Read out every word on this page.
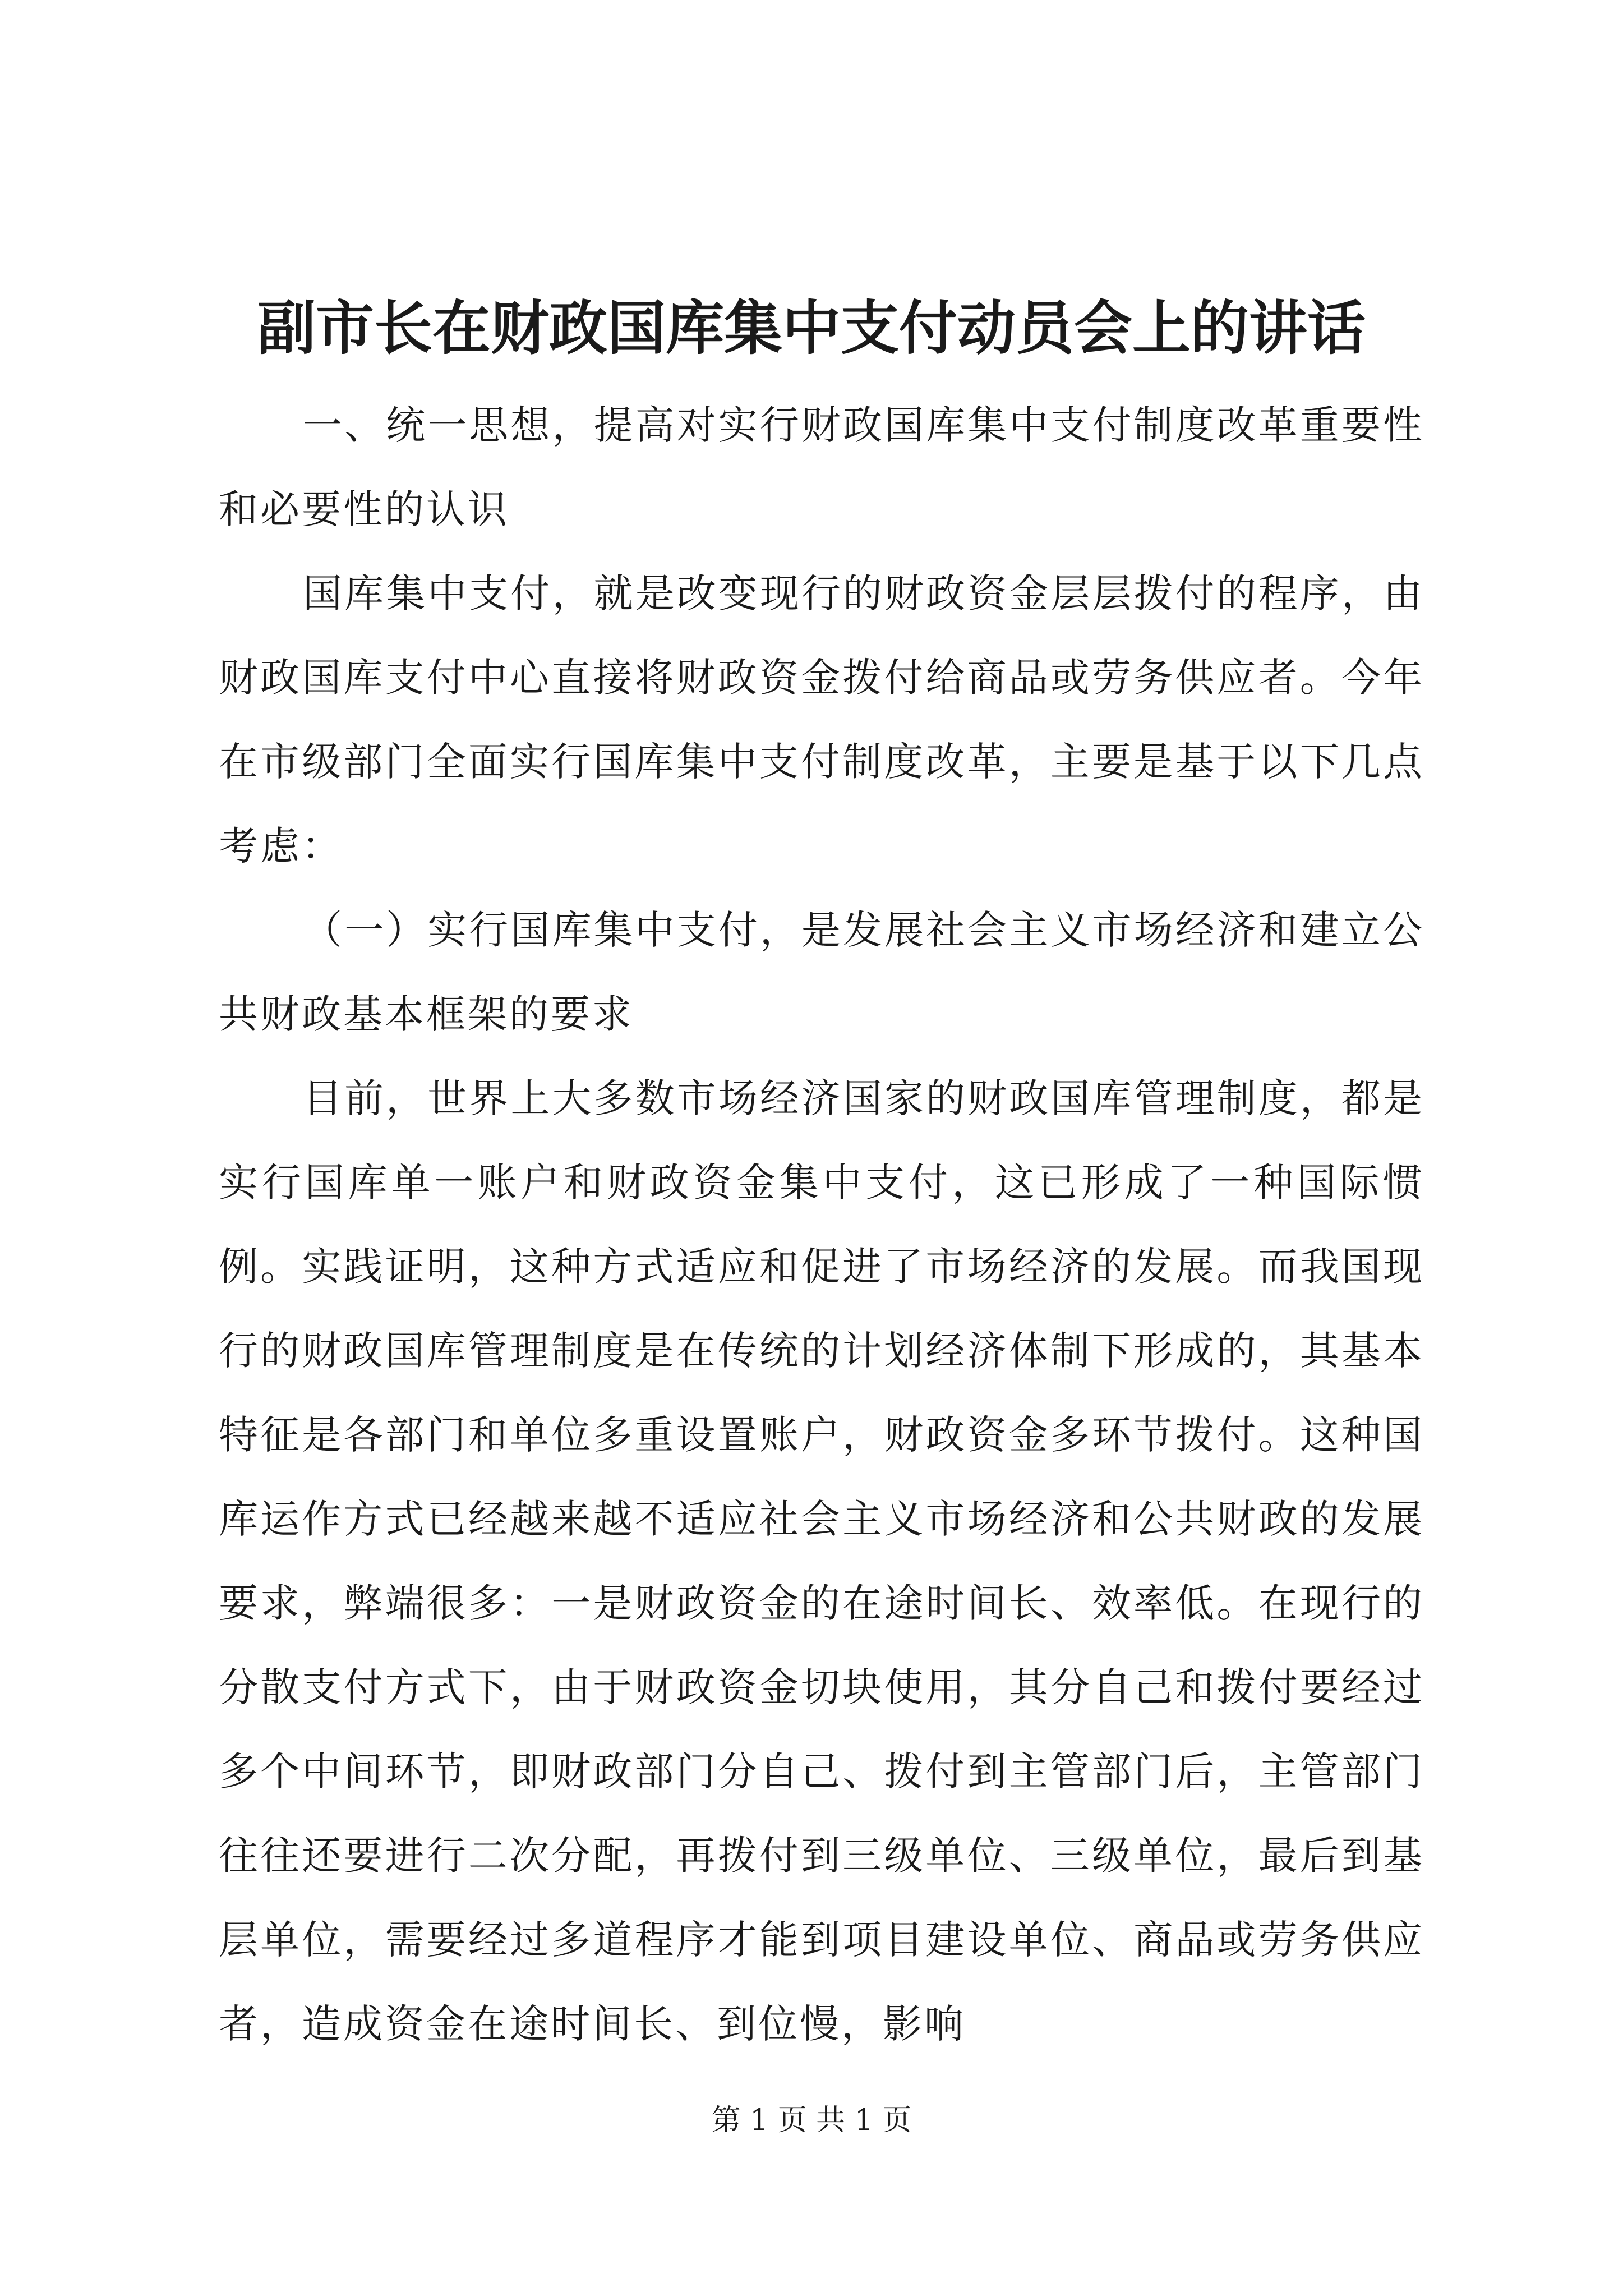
副市长在财政国库集中支付动员会上的讲话

一、统一思想，提高对实行财政国库集中支付制度改革重要性和必要性的认识

国库集中支付，就是改变现行的财政资金层层拨付的程序，由财政国库支付中心直接将财政资金拨付给商品或劳务供应者。今年在市级部门全面实行国库集中支付制度改革，主要是基于以下几点考虑：

（一）实行国库集中支付，是发展社会主义市场经济和建立公共财政基本框架的要求

目前，世界上大多数市场经济国家的财政国库管理制度，都是实行国库单一账户和财政资金集中支付，这已形成了一种国际惯例。实践证明，这种方式适应和促进了市场经济的发展。而我国现行的财政国库管理制度是在传统的计划经济体制下形成的，其基本特征是各部门和单位多重设置账户，财政资金多环节拨付。这种国库运作方式已经越来越不适应社会主义市场经济和公共财政的发展要求，弊端很多：一是财政资金的在途时间长、效率低。在现行的分散支付方式下，由于财政资金切块使用，其分自己和拨付要经过多个中间环节，即财政部门分自己、拨付到主管部门后，主管部门往往还要进行二次分配，再拨付到三级单位、三级单位，最后到基层单位，需要经过多道程序才能到项目建设单位、商品或劳务供应者，造成资金在途时间长、到位慢，影响

第 1 页 共 1 页
